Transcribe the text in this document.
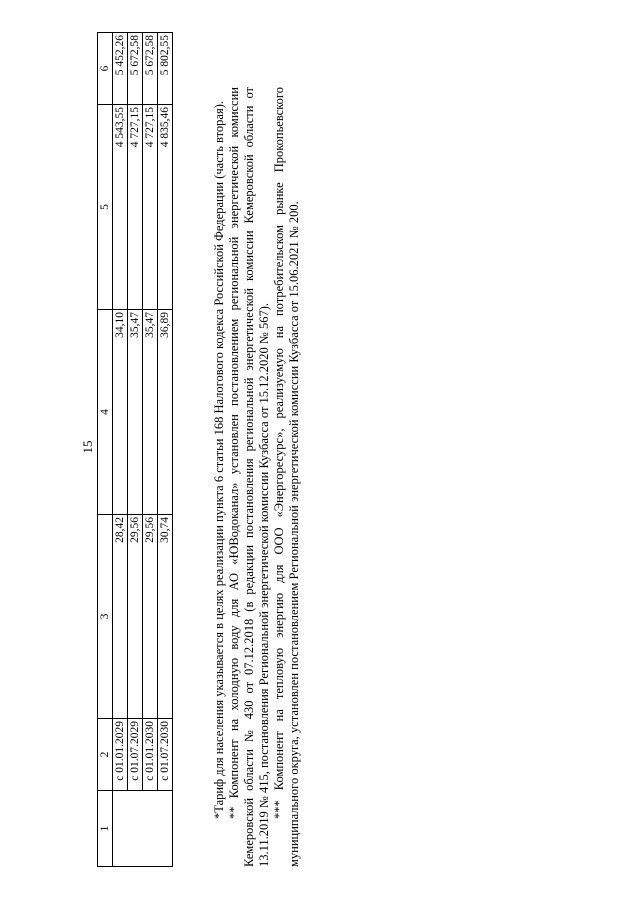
15
1	2	3	4	5	6
	с 01.01.2029	28,42	34,10	4 543,55	5 452,26
	с 01.07.2029	29,56	35,47	4 727,15	5 672,58
	с 01.01.2030	29,56	35,47	4 727,15	5 672,58
	с 01.07.2030	30,74	36,89	4 835,46	5 802,55

*Тариф для населения указывается в целях реализации пункта 6 статьи 168 Налогового кодекса Российской Федерации (часть вторая). ** Компонент на холодную воду для АО «ЮВодоканал» установлен постановлением региональной энергетической комиссии Кемеровской области № 430 от 07.12.2018 (в редакции постановления региональной энергетической комиссии Кемеровской области от 13.11.2019 № 415, постановления Региональной энергетической комиссии Кузбасса от 15.12.2020 № 567). *** Компонент на тепловую энергию для ООО «Энергоресурс», реализуемую на потребительском рынке Прокопьевского муниципального округа, установлен постановлением Региональной энергетической комиссии Кузбасса от 15.06.2021 № 200.
